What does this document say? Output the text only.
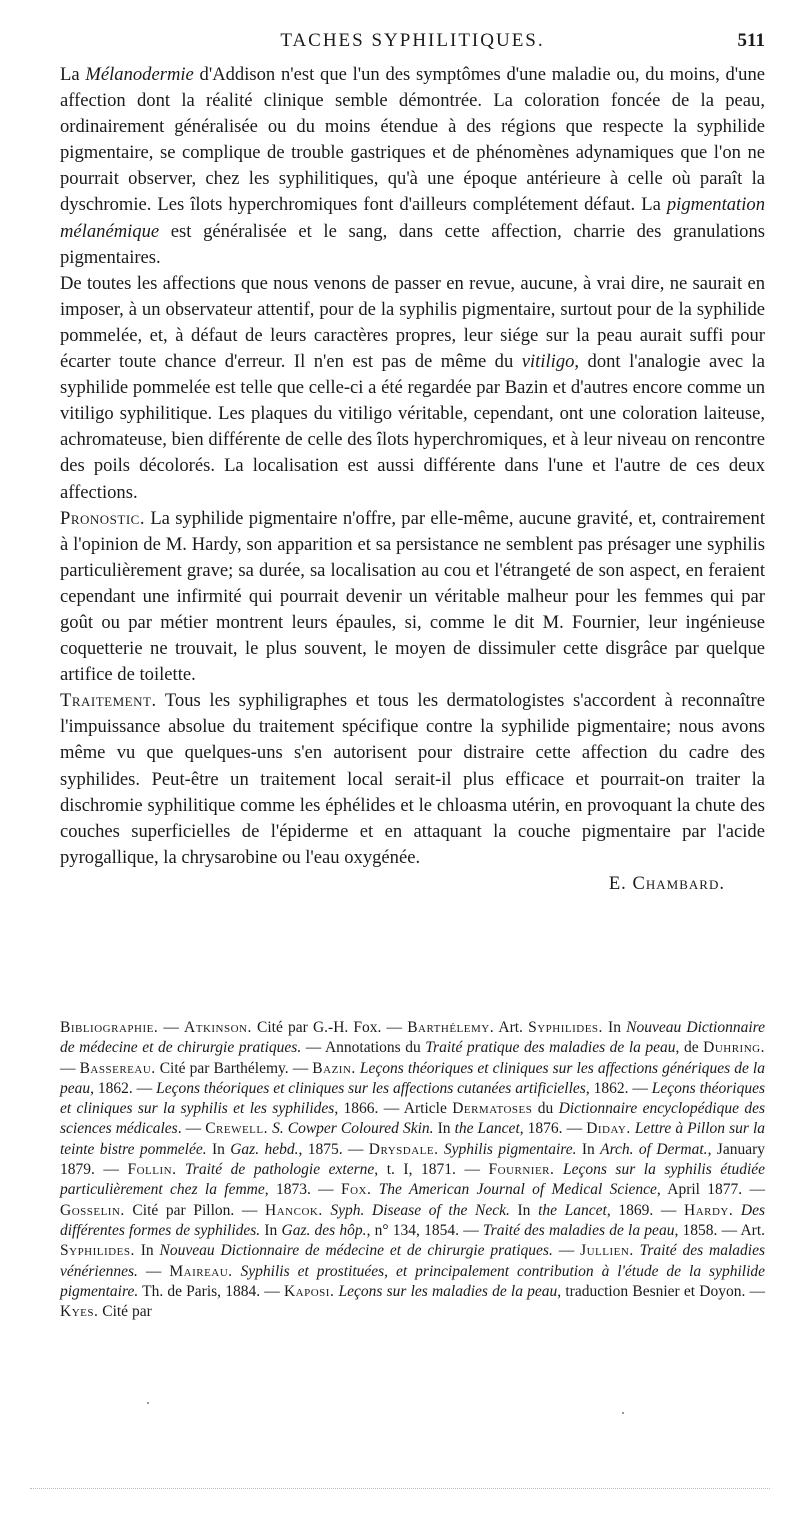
TACHES SYPHILITIQUES.	511

La Mélanodermie d'Addison n'est que l'un des symptômes d'une maladie ou, du moins, d'une affection dont la réalité clinique semble démontrée. La coloration foncée de la peau, ordinairement généralisée ou du moins étendue à des régions que respecte la syphilide pigmentaire, se complique de trouble gastriques et de phénomènes adynamiques que l'on ne pourrait observer, chez les syphilitiques, qu'à une époque antérieure à celle où paraît la dyschromie. Les îlots hyperchromiques font d'ailleurs complétement défaut. La pigmentation mélanémique est généralisée et le sang, dans cette affection, charrie des granulations pigmentaires.

De toutes les affections que nous venons de passer en revue, aucune, à vrai dire, ne saurait en imposer, à un observateur attentif, pour de la syphilis pigmentaire, surtout pour de la syphilide pommelée, et, à défaut de leurs caractères propres, leur siége sur la peau aurait suffi pour écarter toute chance d'erreur. Il n'en est pas de même du vitiligo, dont l'analogie avec la syphilide pommelée est telle que celle-ci a été regardée par Bazin et d'autres encore comme un vitiligo syphilitique. Les plaques du vitiligo véritable, cependant, ont une coloration laiteuse, achromateuse, bien différente de celle des îlots hyperchromiques, et à leur niveau on rencontre des poils décolorés. La localisation est aussi différente dans l'une et l'autre de ces deux affections.

Pronostic. La syphilide pigmentaire n'offre, par elle-même, aucune gravité, et, contrairement à l'opinion de M. Hardy, son apparition et sa persistance ne semblent pas présager une syphilis particulièrement grave; sa durée, sa localisation au cou et l'étrangeté de son aspect, en feraient cependant une infirmité qui pourrait devenir un véritable malheur pour les femmes qui par goût ou par métier montrent leurs épaules, si, comme le dit M. Fournier, leur ingénieuse coquetterie ne trouvait, le plus souvent, le moyen de dissimuler cette disgrâce par quelque artifice de toilette.

Traitement. Tous les syphiligraphes et tous les dermatologistes s'accordent à reconnaître l'impuissance absolue du traitement spécifique contre la syphilide pigmentaire; nous avons même vu que quelques-uns s'en autorisent pour distraire cette affection du cadre des syphilides. Peut-être un traitement local serait-il plus efficace et pourrait-on traiter la dischromie syphilitique comme les éphélides et le chloasma utérin, en provoquant la chute des couches superficielles de l'épiderme et en attaquant la couche pigmentaire par l'acide pyrogallique, la chrysarobine ou l'eau oxygénée.

E. Chambard.

Bibliographie. — Atkinson. Cité par G.-H. Fox. — Barthélemy. Art. Syphilides. In Nouveau Dictionnaire de médecine et de chirurgie pratiques. — Annotations du Traité pratique des maladies de la peau, de Duhring. — Bassereau. Cité par Barthélemy. — Bazin. Leçons théoriques et cliniques sur les affections génériques de la peau, 1862. — Leçons théoriques et cliniques sur les affections cutanées artificielles, 1862. — Leçons théoriques et cliniques sur la syphilis et les syphilides, 1866. — Article Dermatoses du Dictionnaire encyclopédique des sciences médicales. — Crewell. S. Cowper Coloured Skin. In the Lancet, 1876. — Diday. Lettre à Pillon sur la teinte bistre pommelée. In Gaz. hebd., 1875. — Drysdale. Syphilis pigmentaire. In Arch. of Dermat., January 1879. — Follin. Traité de pathologie externe, t. I, 1871. — Fournier. Leçons sur la syphilis étudiée particulièrement chez la femme, 1873. — Fox. The American Journal of Medical Science, April 1877. — Gosselin. Cité par Pillon. — Hancok. Syph. Disease of the Neck. In the Lancet, 1869. — Hardy. Des différentes formes de syphilides. In Gaz. des hôp., n° 134, 1854. — Traité des maladies de la peau, 1858. — Art. Syphilides. In Nouveau Dictionnaire de médecine et de chirurgie pratiques. — Jullien. Traité des maladies vénériennes. — Maireau. Syphilis et prostituées, et principalement contribution à l'étude de la syphilide pigmentaire. Th. de Paris, 1884. — Kaposi. Leçons sur les maladies de la peau, traduction Besnier et Doyon. — Kyes. Cité par
